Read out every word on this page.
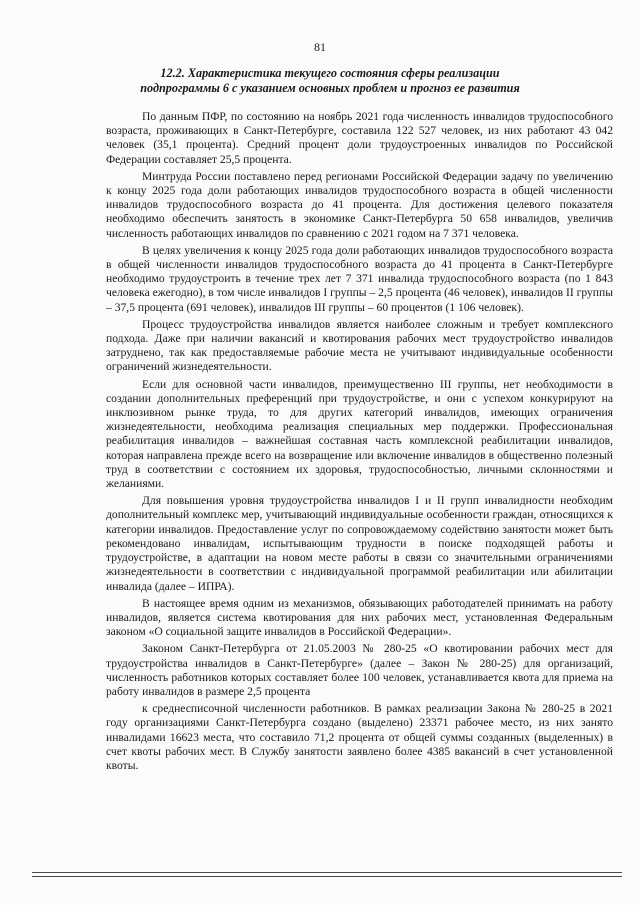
81
12.2. Характеристика текущего состояния сферы реализации
подпрограммы 6 с указанием основных проблем и прогноз ее развития

По данным ПФР, по состоянию на ноябрь 2021 года численность инвалидов трудоспособного возраста, проживающих в Санкт-Петербурге, составила 122 527 человек, из них работают 43 042 человек (35,1 процента). Средний процент доли трудоустроенных инвалидов по Российской Федерации составляет 25,5 процента.

Минтруда России поставлено перед регионами Российской Федерации задачу по увеличению к концу 2025 года доли работающих инвалидов трудоспособного возраста в общей численности инвалидов трудоспособного возраста до 41 процента. Для достижения целевого показателя необходимо обеспечить занятость в экономике Санкт-Петербурга 50 658 инвалидов, увеличив численность работающих инвалидов по сравнению с 2021 годом на 7 371 человека.

В целях увеличения к концу 2025 года доли работающих инвалидов трудоспособного возраста в общей численности инвалидов трудоспособного возраста до 41 процента в Санкт-Петербурге необходимо трудоустроить в течение трех лет 7 371 инвалида трудоспособного возраста (по 1 843 человека ежегодно), в том числе инвалидов I группы – 2,5 процента (46 человек), инвалидов II группы – 37,5 процента (691 человек), инвалидов III группы – 60 процентов (1 106 человек).

Процесс трудоустройства инвалидов является наиболее сложным и требует комплексного подхода. Даже при наличии вакансий и квотирования рабочих мест трудоустройство инвалидов затруднено, так как предоставляемые рабочие места не учитывают индивидуальные особенности ограничений жизнедеятельности.

Если для основной части инвалидов, преимущественно III группы, нет необходимости в создании дополнительных преференций при трудоустройстве, и они с успехом конкурируют на инклюзивном рынке труда, то для других категорий инвалидов, имеющих ограничения жизнедеятельности, необходима реализация специальных мер поддержки. Профессиональная реабилитация инвалидов – важнейшая составная часть комплексной реабилитации инвалидов, которая направлена прежде всего на возвращение или включение инвалидов в общественно полезный труд в соответствии с состоянием их здоровья, трудоспособностью, личными склонностями и желаниями.

Для повышения уровня трудоустройства инвалидов I и II групп инвалидности необходим дополнительный комплекс мер, учитывающий индивидуальные особенности граждан, относящихся к категории инвалидов. Предоставление услуг по сопровождаемому содействию занятости может быть рекомендовано инвалидам, испытывающим трудности в поиске подходящей работы и трудоустройстве, в адаптации на новом месте работы в связи со значительными ограничениями жизнедеятельности в соответствии с индивидуальной программой реабилитации или абилитации инвалида (далее – ИПРА).

В настоящее время одним из механизмов, обязывающих работодателей принимать на работу инвалидов, является система квотирования для них рабочих мест, установленная Федеральным законом «О социальной защите инвалидов в Российской Федерации».

Законом Санкт-Петербурга от 21.05.2003 № 280-25 «О квотировании рабочих мест для трудоустройства инвалидов в Санкт-Петербурге» (далее – Закон № 280-25) для организаций, численность работников которых составляет более 100 человек, устанавливается квота для приема на работу инвалидов в размере 2,5 процента

к среднесписочной численности работников. В рамках реализации Закона № 280-25 в 2021 году организациями Санкт-Петербурга создано (выделено) 23371 рабочее место, из них занято инвалидами 16623 места, что составило 71,2 процента от общей суммы созданных (выделенных) в счет квоты рабочих мест. В Службу занятости заявлено более 4385 вакансий в счет установленной квоты.
